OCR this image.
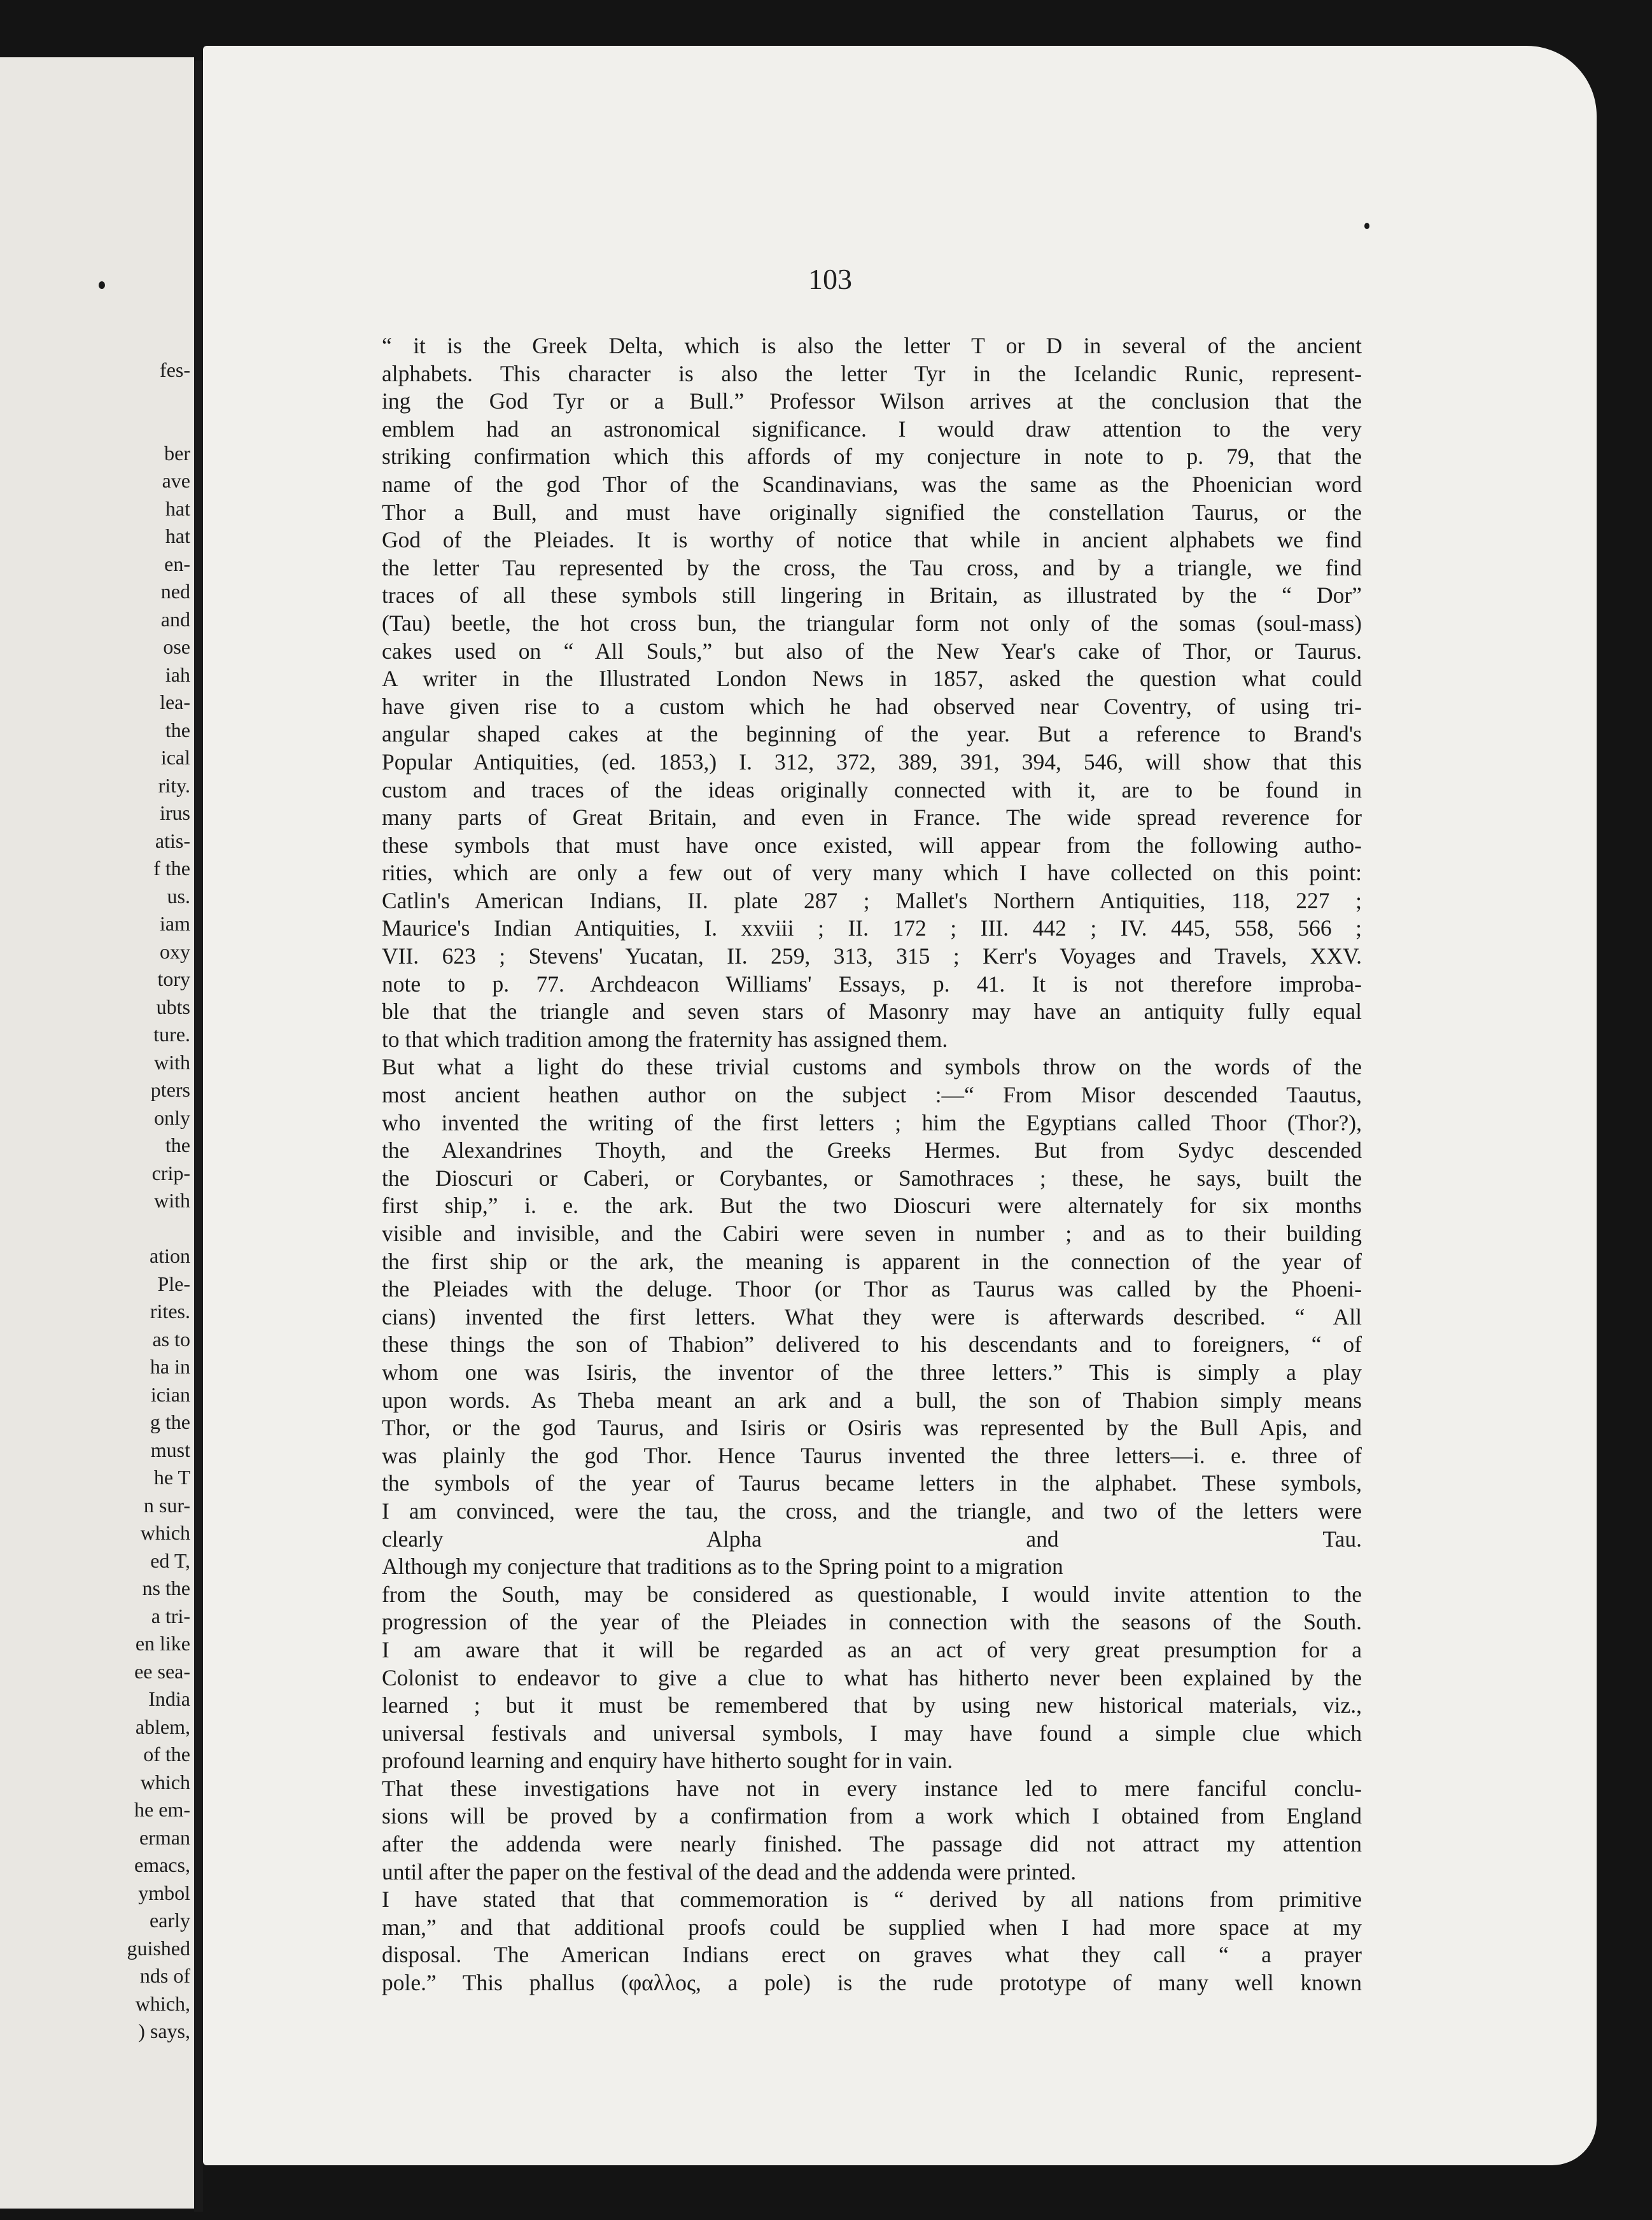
fes-

ber
ave
hat
hat
en-
ned
and
ose
iah
lea-
the
ical
rity.
irus
atis-
f the
us.
iam
oxy
tory
ubts
ture.
with
pters
only
the
crip-
with

ation
Ple-
rites.
as to
ha in
ician
g the
must
he T
n sur-
which
ed T,
ns the
a tri-
en like
ee sea-
India
ablem,
of the
which
he em-
erman
emacs,
ymbol
early
guished
nds of
which,
) says,
103
“ it is the Greek Delta, which is also the letter T or D in several of the ancient
alphabets. This character is also the letter Tyr in the Icelandic Runic, represent-
ing the God Tyr or a Bull.” Professor Wilson arrives at the conclusion that the
emblem had an astronomical significance. I would draw attention to the very
striking confirmation which this affords of my conjecture in note to p. 79, that the
name of the god Thor of the Scandinavians, was the same as the Phoenician word
Thor a Bull, and must have originally signified the constellation Taurus, or the
God of the Pleiades. It is worthy of notice that while in ancient alphabets we find
the letter Tau represented by the cross, the Tau cross, and by a triangle, we find
traces of all these symbols still lingering in Britain, as illustrated by the “ Dor”
(Tau) beetle, the hot cross bun, the triangular form not only of the somas (soul-mass)
cakes used on “ All Souls,” but also of the New Year's cake of Thor, or Taurus.
A writer in the Illustrated London News in 1857, asked the question what could
have given rise to a custom which he had observed near Coventry, of using tri-
angular shaped cakes at the beginning of the year. But a reference to Brand's
Popular Antiquities, (ed. 1853,) I. 312, 372, 389, 391, 394, 546, will show that this
custom and traces of the ideas originally connected with it, are to be found in
many parts of Great Britain, and even in France. The wide spread reverence for
these symbols that must have once existed, will appear from the following autho-
rities, which are only a few out of very many which I have collected on this point:
Catlin's American Indians, II. plate 287 ; Mallet's Northern Antiquities, 118, 227 ;
Maurice's Indian Antiquities, I. xxviii ; II. 172 ; III. 442 ; IV. 445, 558, 566 ;
VII. 623 ; Stevens' Yucatan, II. 259, 313, 315 ; Kerr's Voyages and Travels, XXV.
note to p. 77. Archdeacon Williams' Essays, p. 41. It is not therefore improba-
ble that the triangle and seven stars of Masonry may have an antiquity fully equal
to that which tradition among the fraternity has assigned them.
But what a light do these trivial customs and symbols throw on the words of the
most ancient heathen author on the subject :—“ From Misor descended Taautus,
who invented the writing of the first letters ; him the Egyptians called Thoor (Thor?),
the Alexandrines Thoyth, and the Greeks Hermes. But from Sydyc descended
the Dioscuri or Caberi, or Corybantes, or Samothraces ; these, he says, built the
first ship,” i. e. the ark. But the two Dioscuri were alternately for six months
visible and invisible, and the Cabiri were seven in number ; and as to their building
the first ship or the ark, the meaning is apparent in the connection of the year of
the Pleiades with the deluge. Thoor (or Thor as Taurus was called by the Phoeni-
cians) invented the first letters. What they were is afterwards described. “ All
these things the son of Thabion” delivered to his descendants and to foreigners, “ of
whom one was Isiris, the inventor of the three letters.” This is simply a play
upon words. As Theba meant an ark and a bull, the son of Thabion simply means
Thor, or the god Taurus, and Isiris or Osiris was represented by the Bull Apis, and
was plainly the god Thor. Hence Taurus invented the three letters—i. e. three of
the symbols of the year of Taurus became letters in the alphabet. These symbols,
I am convinced, were the tau, the cross, and the triangle, and two of the letters were
clearly Alpha and Tau.
Although my conjecture that traditions as to the Spring point to a migration
from the South, may be considered as questionable, I would invite attention to the
progression of the year of the Pleiades in connection with the seasons of the South.
I am aware that it will be regarded as an act of very great presumption for a
Colonist to endeavor to give a clue to what has hitherto never been explained by the
learned ; but it must be remembered that by using new historical materials, viz.,
universal festivals and universal symbols, I may have found a simple clue which
profound learning and enquiry have hitherto sought for in vain.
That these investigations have not in every instance led to mere fanciful conclu-
sions will be proved by a confirmation from a work which I obtained from England
after the addenda were nearly finished. The passage did not attract my attention
until after the paper on the festival of the dead and the addenda were printed.
I have stated that that commemoration is “ derived by all nations from primitive
man,” and that additional proofs could be supplied when I had more space at my
disposal. The American Indians erect on graves what they call “ a prayer
pole.” This phallus (φαλλος, a pole) is the rude prototype of many well known
